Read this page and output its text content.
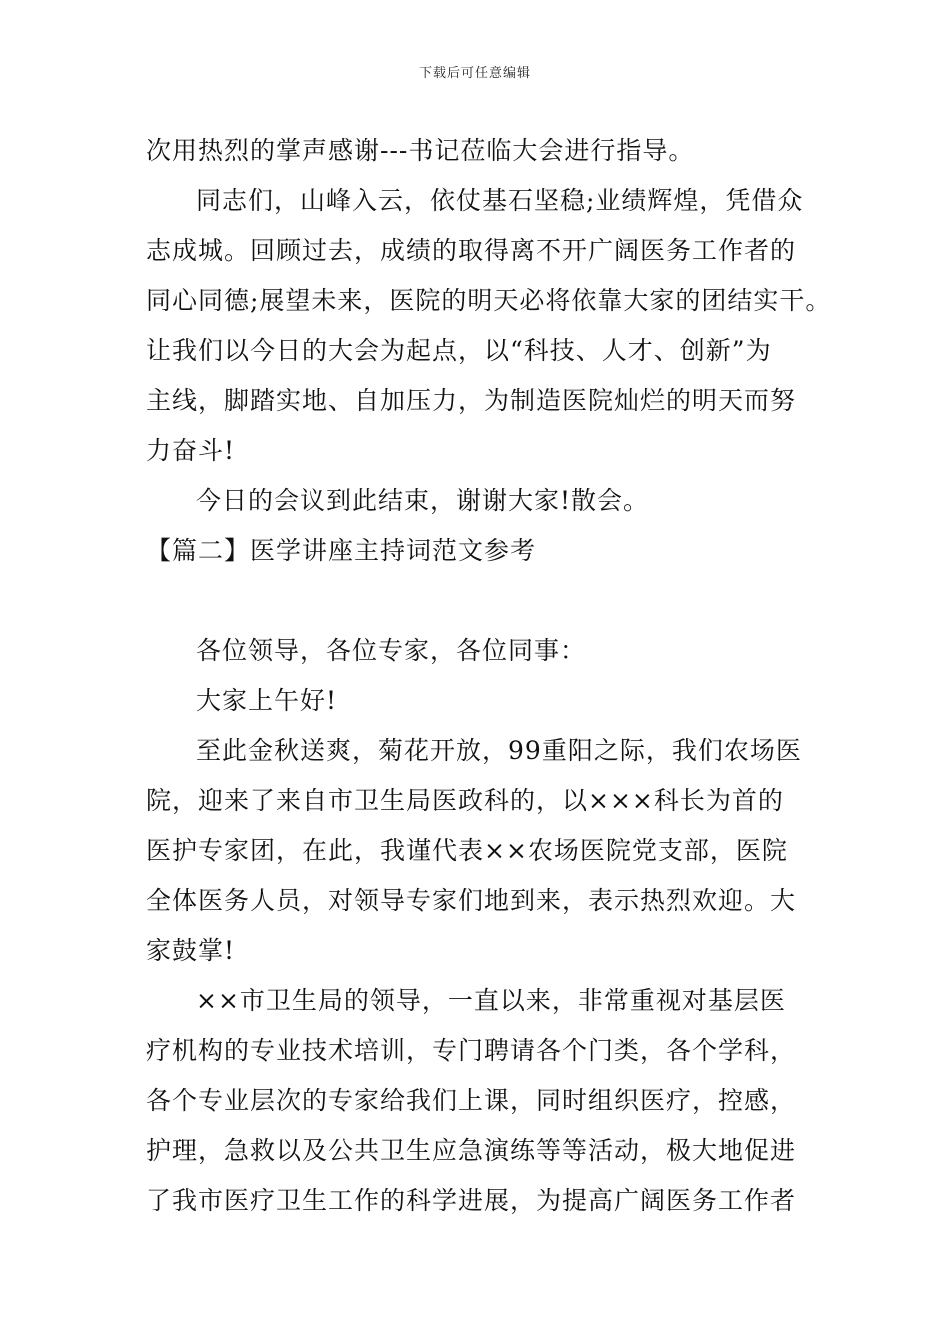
下载后可任意编辑
次用热烈的掌声感谢---书记莅临大会进行指导。
同志们，山峰入云，依仗基石坚稳;业绩辉煌，凭借众
志成城。回顾过去，成绩的取得离不开广阔医务工作者的
同心同德;展望未来，医院的明天必将依靠大家的团结实干。
让我们以今日的大会为起点，以“科技、人才、创新”为
主线，脚踏实地、自加压力，为制造医院灿烂的明天而努
力奋斗!
今日的会议到此结束，谢谢大家!散会。
【篇二】医学讲座主持词范文参考
各位领导，各位专家，各位同事：
大家上午好!
至此金秋送爽，菊花开放，99重阳之际，我们农场医
院，迎来了来自市卫生局医政科的，以×××科长为首的
医护专家团，在此，我谨代表××农场医院党支部，医院
全体医务人员，对领导专家们地到来，表示热烈欢迎。大
家鼓掌!
××市卫生局的领导，一直以来，非常重视对基层医
疗机构的专业技术培训，专门聘请各个门类，各个学科，
各个专业层次的专家给我们上课，同时组织医疗，控感，
护理，急救以及公共卫生应急演练等等活动，极大地促进
了我市医疗卫生工作的科学进展，为提高广阔医务工作者
